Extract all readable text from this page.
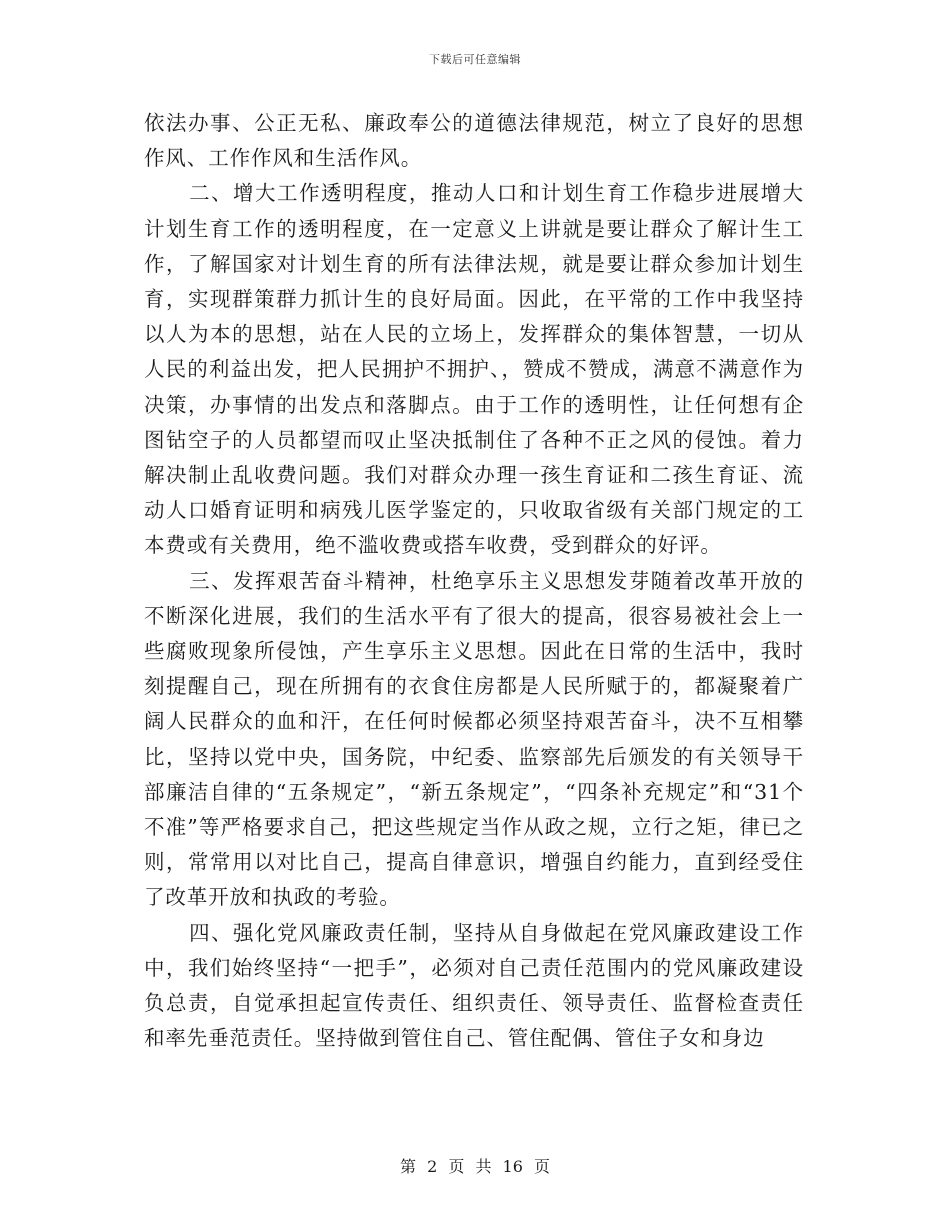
下载后可任意编辑

依法办事、公正无私、廉政奉公的道德法律规范，树立了良好的思想作风、工作作风和生活作风。

二、增大工作透明程度，推动人口和计划生育工作稳步进展增大计划生育工作的透明程度，在一定意义上讲就是要让群众了解计生工作，了解国家对计划生育的所有法律法规，就是要让群众参加计划生育，实现群策群力抓计生的良好局面。因此，在平常的工作中我坚持以人为本的思想，站在人民的立场上，发挥群众的集体智慧，一切从人民的利益出发，把人民拥护不拥护、，赞成不赞成，满意不满意作为决策，办事情的出发点和落脚点。由于工作的透明性，让任何想有企图钻空子的人员都望而叹止坚决抵制住了各种不正之风的侵蚀。着力解决制止乱收费问题。我们对群众办理一孩生育证和二孩生育证、流动人口婚育证明和病残儿医学鉴定的，只收取省级有关部门规定的工本费或有关费用，绝不滥收费或搭车收费，受到群众的好评。

三、发挥艰苦奋斗精神，杜绝享乐主义思想发芽随着改革开放的不断深化进展，我们的生活水平有了很大的提高，很容易被社会上一些腐败现象所侵蚀，产生享乐主义思想。因此在日常的生活中，我时刻提醒自己，现在所拥有的衣食住房都是人民所赋于的，都凝聚着广阔人民群众的血和汗，在任何时候都必须坚持艰苦奋斗，决不互相攀比，坚持以党中央，国务院，中纪委、监察部先后颁发的有关领导干部廉洁自律的“五条规定”，“新五条规定”，“四条补充规定”和“31个不准”等严格要求自己，把这些规定当作从政之规，立行之矩，律已之则，常常用以对比自己，提高自律意识，增强自约能力，直到经受住了改革开放和执政的考验。

四、强化党风廉政责任制，坚持从自身做起在党风廉政建设工作中，我们始终坚持“一把手”，必须对自己责任范围内的党风廉政建设负总责，自觉承担起宣传责任、组织责任、领导责任、监督检查责任和率先垂范责任。坚持做到管住自己、管住配偶、管住子女和身边

第 2 页 共 16 页
